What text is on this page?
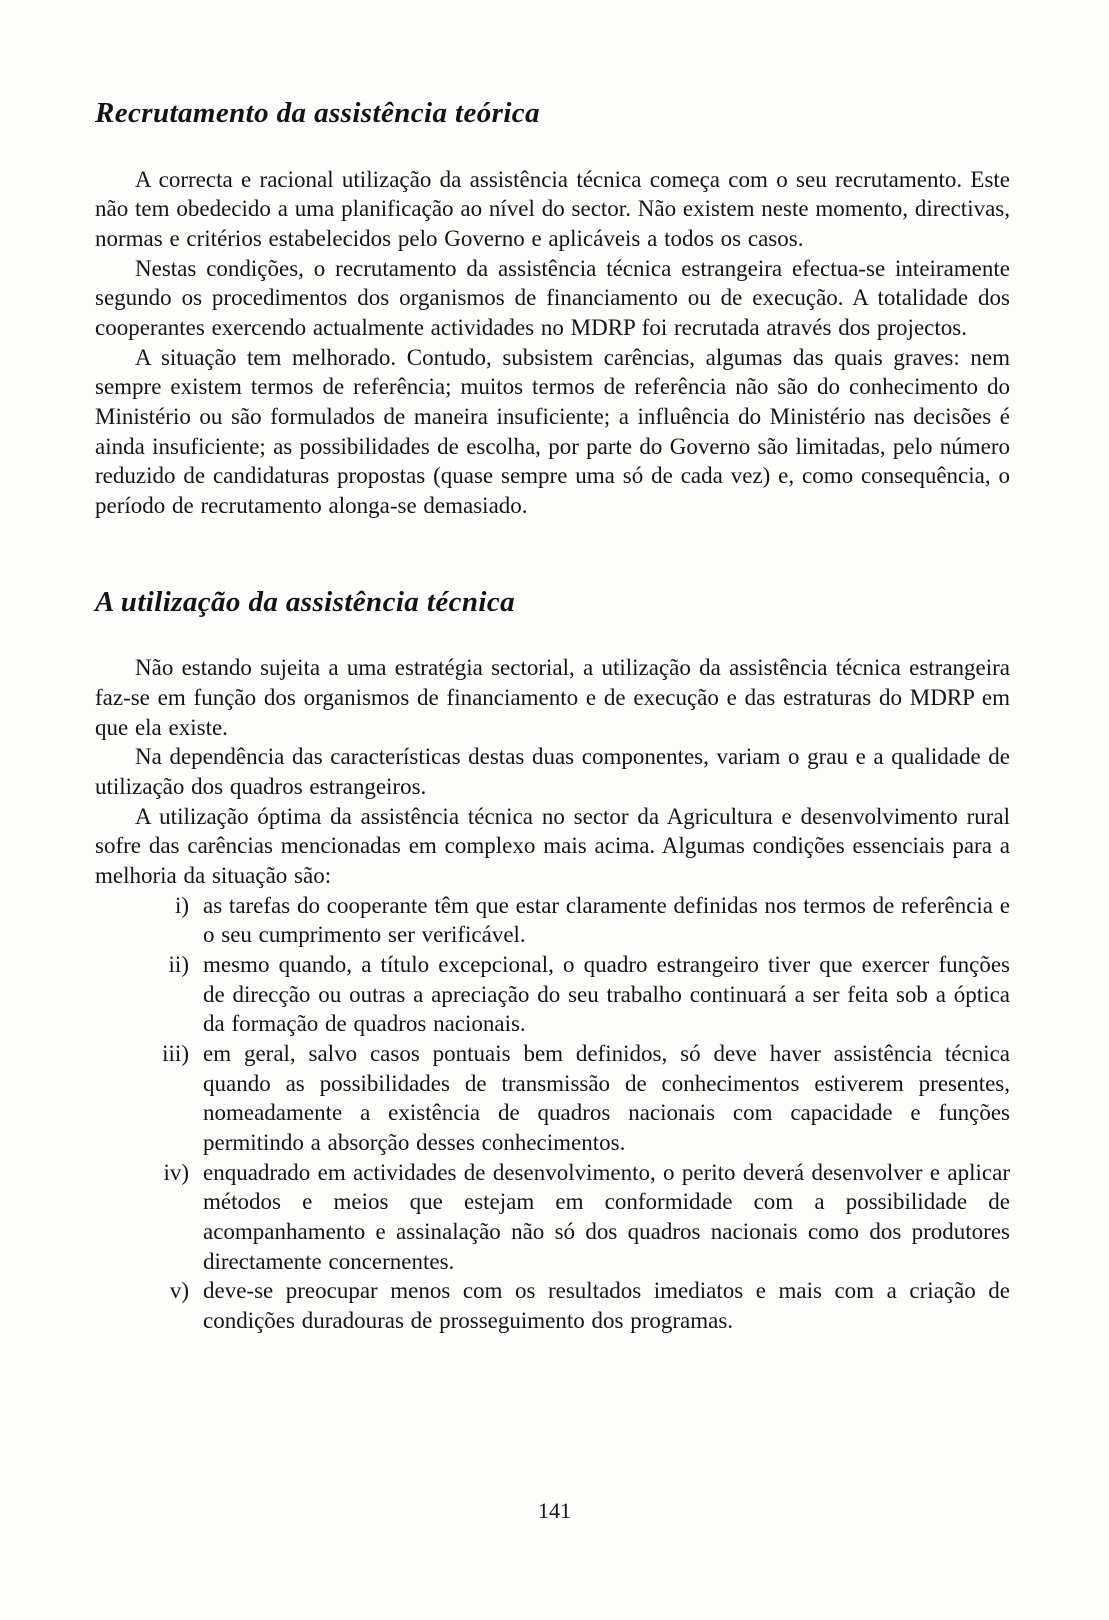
Recrutamento da assistência teórica

A correcta e racional utilização da assistência técnica começa com o seu recrutamento. Este não tem obedecido a uma planificação ao nível do sector. Não existem neste momento, directivas, normas e critérios estabelecidos pelo Governo e aplicáveis a todos os casos.

Nestas condições, o recrutamento da assistência técnica estrangeira efectua-se inteiramente segundo os procedimentos dos organismos de financiamento ou de execução. A totalidade dos cooperantes exercendo actualmente actividades no MDRP foi recrutada através dos projectos.

A situação tem melhorado. Contudo, subsistem carências, algumas das quais graves: nem sempre existem termos de referência; muitos termos de referência não são do conhecimento do Ministério ou são formulados de maneira insuficiente; a influência do Ministério nas decisões é ainda insuficiente; as possibilidades de escolha, por parte do Governo são limitadas, pelo número reduzido de candidaturas propostas (quase sempre uma só de cada vez) e, como consequência, o período de recrutamento alonga-se demasiado.

A utilização da assistência técnica

Não estando sujeita a uma estratégia sectorial, a utilização da assistência técnica estrangeira faz-se em função dos organismos de financiamento e de execução e das estraturas do MDRP em que ela existe.

Na dependência das características destas duas componentes, variam o grau e a qualidade de utilização dos quadros estrangeiros.

A utilização óptima da assistência técnica no sector da Agricultura e desenvolvimento rural sofre das carências mencionadas em complexo mais acima. Algumas condições essenciais para a melhoria da situação são:

i) as tarefas do cooperante têm que estar claramente definidas nos termos de referência e o seu cumprimento ser verificável.
ii) mesmo quando, a título excepcional, o quadro estrangeiro tiver que exercer funções de direcção ou outras a apreciação do seu trabalho continuará a ser feita sob a óptica da formação de quadros nacionais.
iii) em geral, salvo casos pontuais bem definidos, só deve haver assistência técnica quando as possibilidades de transmissão de conhecimentos estiverem presentes, nomeadamente a existência de quadros nacionais com capacidade e funções permitindo a absorção desses conhecimentos.
iv) enquadrado em actividades de desenvolvimento, o perito deverá desenvolver e aplicar métodos e meios que estejam em conformidade com a possibilidade de acompanhamento e assinalação não só dos quadros nacionais como dos produtores directamente concernentes.
v) deve-se preocupar menos com os resultados imediatos e mais com a criação de condições duradouras de prosseguimento dos programas.
141
